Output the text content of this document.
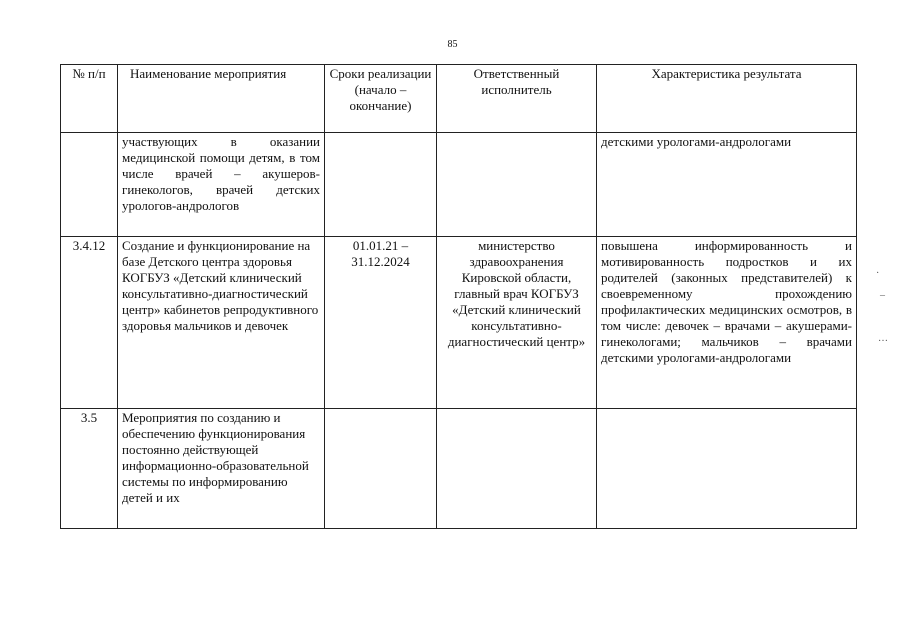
85
№ п/п	Наименование мероприятия	Сроки реализации (начало – окончание)	Ответственный исполнитель	Характеристика результата
	участвующих в оказании медицинской помощи детям, в том числе врачей – акушеров-гинекологов, врачей детских урологов-андрологов			детскими урологами-андрологами
3.4.12	Создание и функционирование на базе Детского центра здоровья КОГБУЗ «Детский клинический консультативно-диагностический центр» кабинетов репродуктивного здоровья мальчиков и девочек	01.01.21 – 31.12.2024	министерство здравоохранения Кировской области, главный врач КОГБУЗ «Детский клинический консультативно-диагностический центр»	повышена информированность и мотивированность подростков и их родителей (законных представителей) к своевременному прохождению профилактических медицинских осмотров, в том числе: девочек – врачами – акушерами-гинекологами; мальчиков – врачами детскими урологами-андрологами
3.5	Мероприятия по созданию и обеспечению функционирования постоянно действующей информационно-образовательной системы по информированию детей и их			
·
–
…
